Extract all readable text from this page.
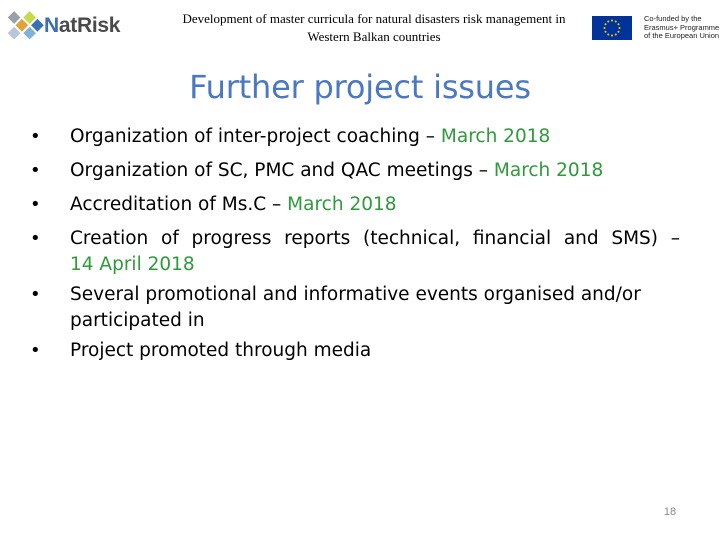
NatRisk	Development of master curricula for natural disasters risk management in
Western Balkan countries
Co-funded by the
Erasmus+ Programme
of the European Union
Further project issues
• Organization of inter-project coaching – March 2018
• Organization of SC, PMC and QAC meetings – March 2018
• Accreditation of Ms.C – March 2018
• Creation of progress reports (technical, financial and SMS) –
14 April 2018
• Several promotional and informative events organised and/or
participated in
• Project promoted through media
18
